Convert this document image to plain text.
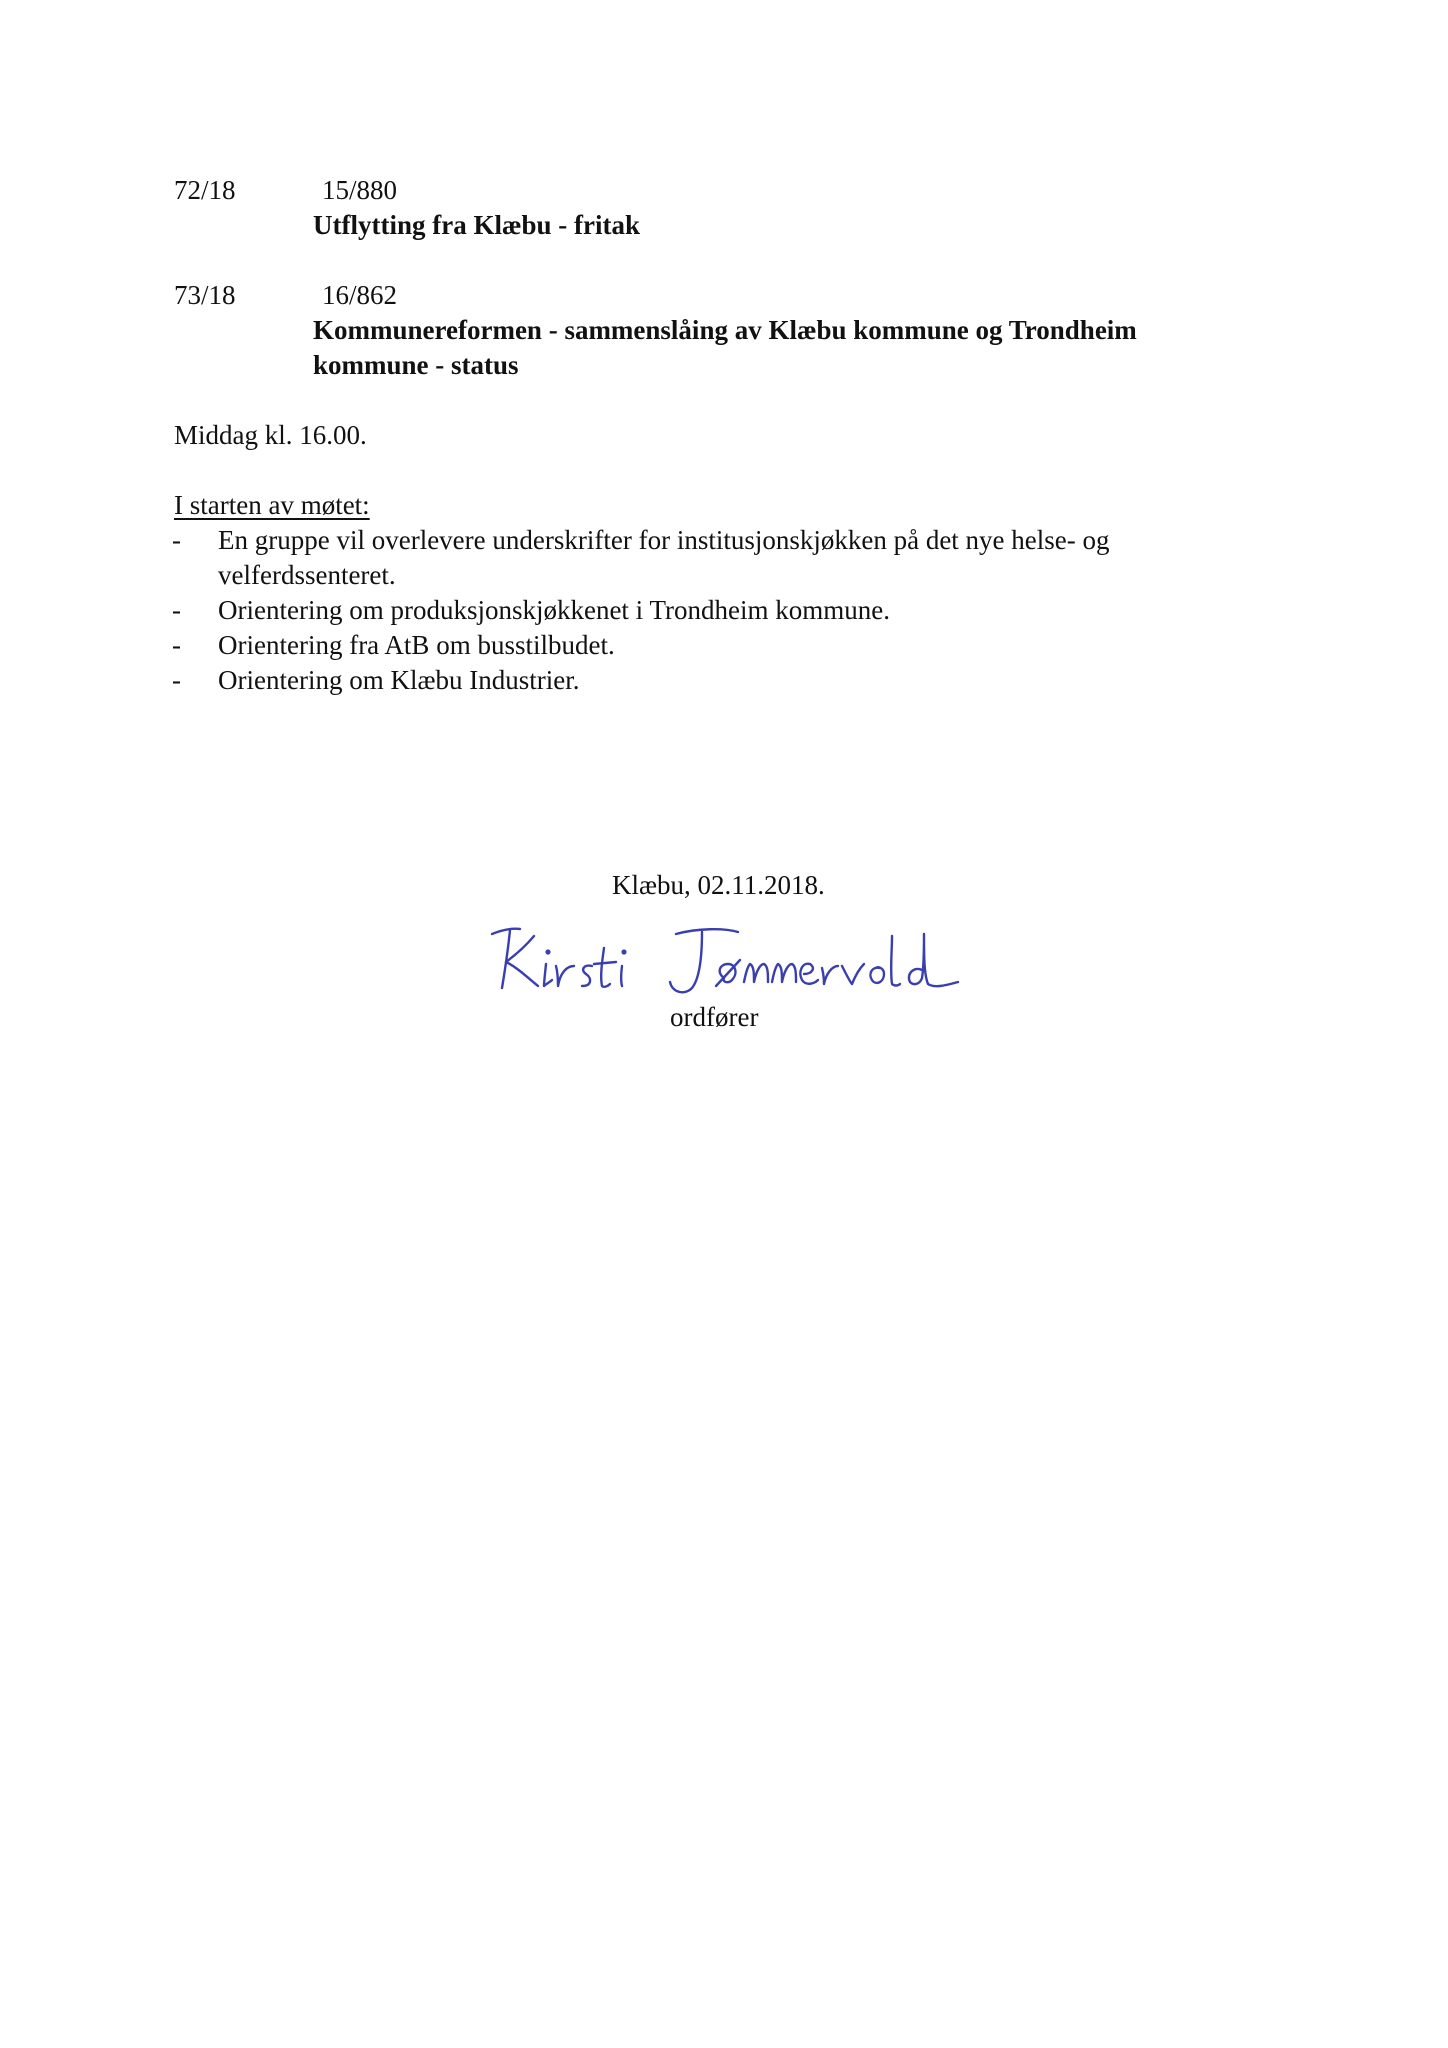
72/18	15/880
Utflytting fra Klæbu - fritak
73/18	16/862
Kommunereformen - sammenslåing av Klæbu kommune og Trondheim
kommune - status
Middag kl. 16.00.
I starten av møtet:
- En gruppe vil overlevere underskrifter for institusjonskjøkken på det nye helse- og
velferdssenteret.
- Orientering om produksjonskjøkkenet i Trondheim kommune.
- Orientering fra AtB om busstilbudet.
- Orientering om Klæbu Industrier.
Klæbu, 02.11.2018.
ordfører
